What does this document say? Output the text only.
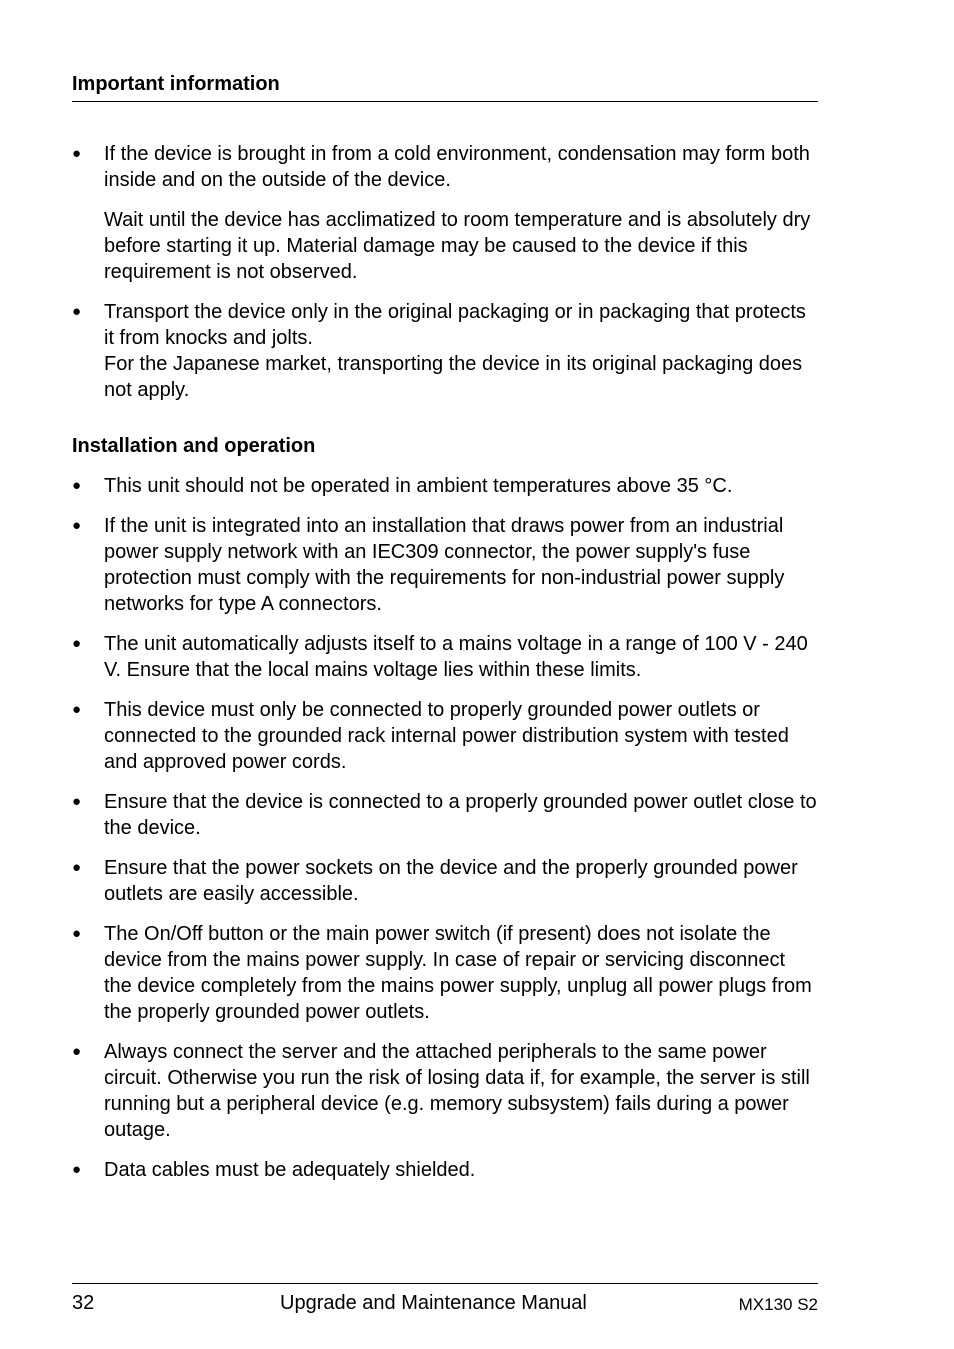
Important information
● If the device is brought in from a cold environment, condensation may form both inside and on the outside of the device.

Wait until the device has acclimatized to room temperature and is absolutely dry before starting it up. Material damage may be caused to the device if this requirement is not observed.

● Transport the device only in the original packaging or in packaging that protects it from knocks and jolts.
For the Japanese market, transporting the device in its original packaging does not apply.

Installation and operation
● This unit should not be operated in ambient temperatures above 35 °C.

● If the unit is integrated into an installation that draws power from an industrial power supply network with an IEC309 connector, the power supply's fuse protection must comply with the requirements for non-industrial power supply networks for type A connectors.

● The unit automatically adjusts itself to a mains voltage in a range of 100 V - 240 V. Ensure that the local mains voltage lies within these limits.

● This device must only be connected to properly grounded power outlets or connected to the grounded rack internal power distribution system with tested and approved power cords.

● Ensure that the device is connected to a properly grounded power outlet close to the device.

● Ensure that the power sockets on the device and the properly grounded power outlets are easily accessible.

● The On/Off button or the main power switch (if present) does not isolate the device from the mains power supply. In case of repair or servicing disconnect the device completely from the mains power supply, unplug all power plugs from the properly grounded power outlets.

● Always connect the server and the attached peripherals to the same power circuit. Otherwise you run the risk of losing data if, for example, the server is still running but a peripheral device (e.g. memory subsystem) fails during a power outage.

● Data cables must be adequately shielded.

32	Upgrade and Maintenance Manual	MX130 S2
